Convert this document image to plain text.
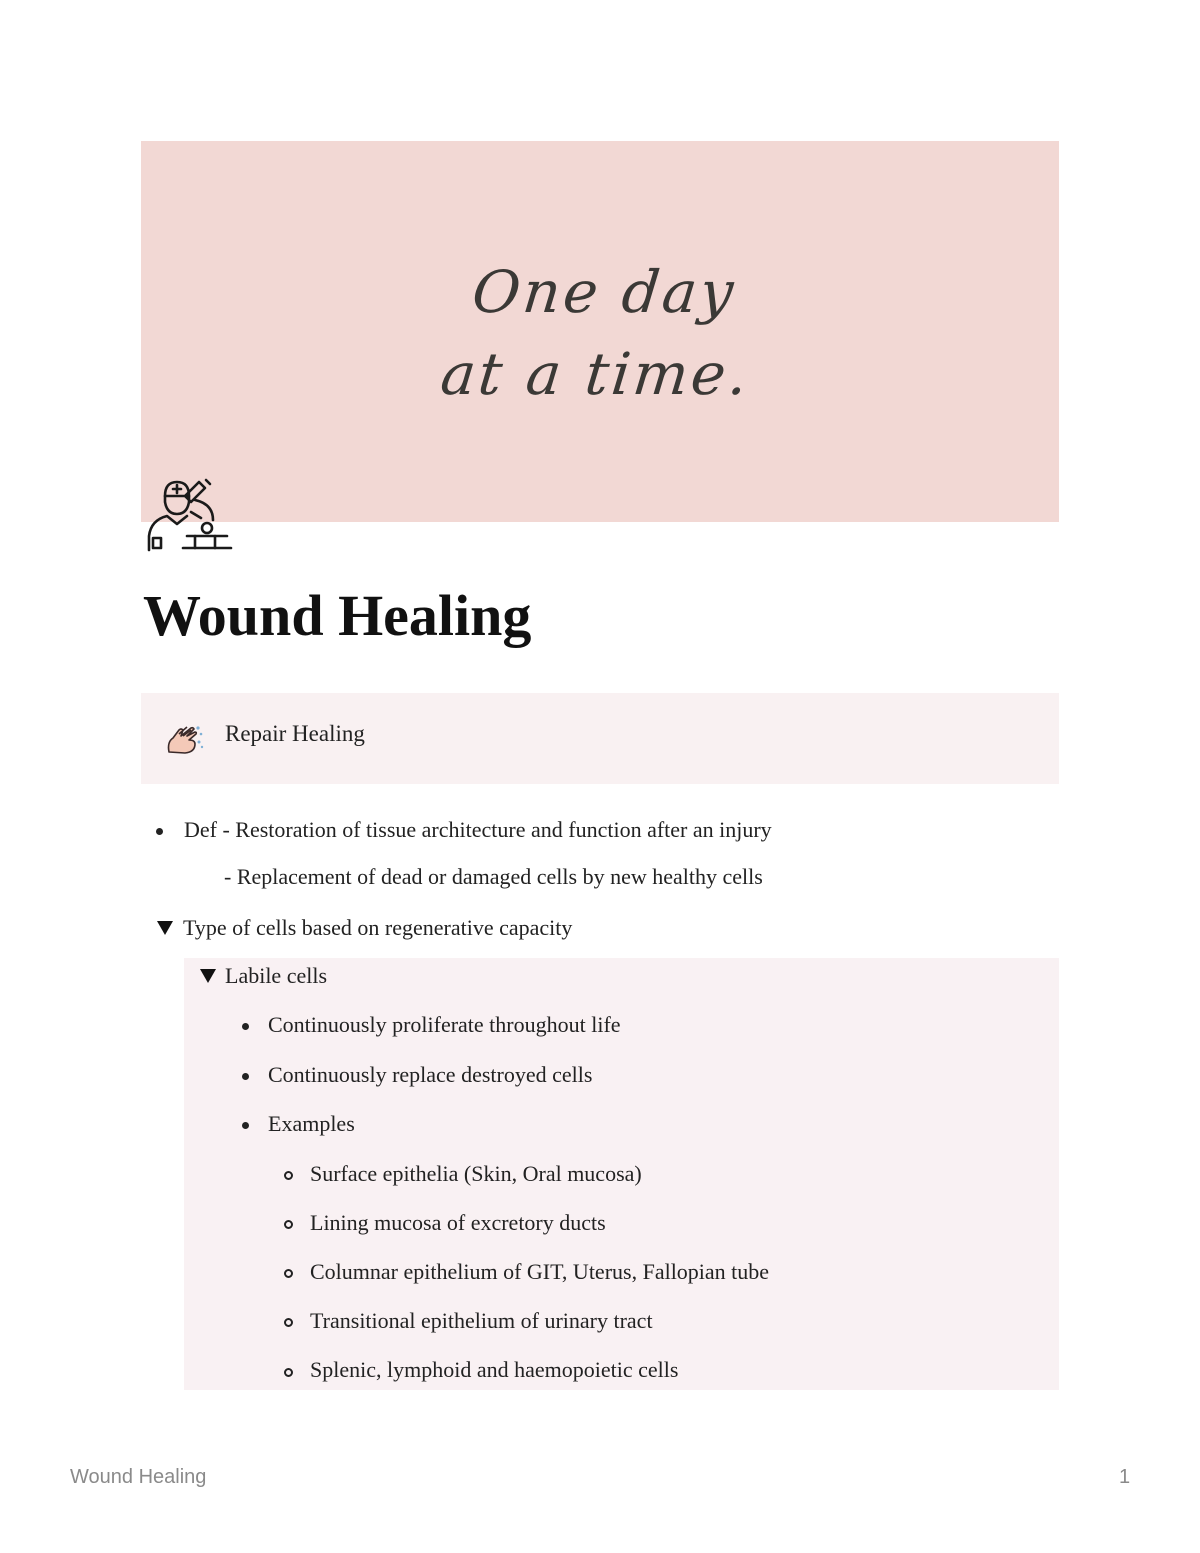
One day
at a time.
Wound Healing
Repair Healing
Def - Restoration of tissue architecture and function after an injury
- Replacement of dead or damaged cells by new healthy cells
Type of cells based on regenerative capacity
Labile cells
Continuously proliferate throughout life
Continuously replace destroyed cells
Examples
Surface epithelia (Skin, Oral mucosa)
Lining mucosa of excretory ducts
Columnar epithelium of GIT, Uterus, Fallopian tube
Transitional epithelium of urinary tract
Splenic, lymphoid and haemopoietic cells
Wound Healing	1
